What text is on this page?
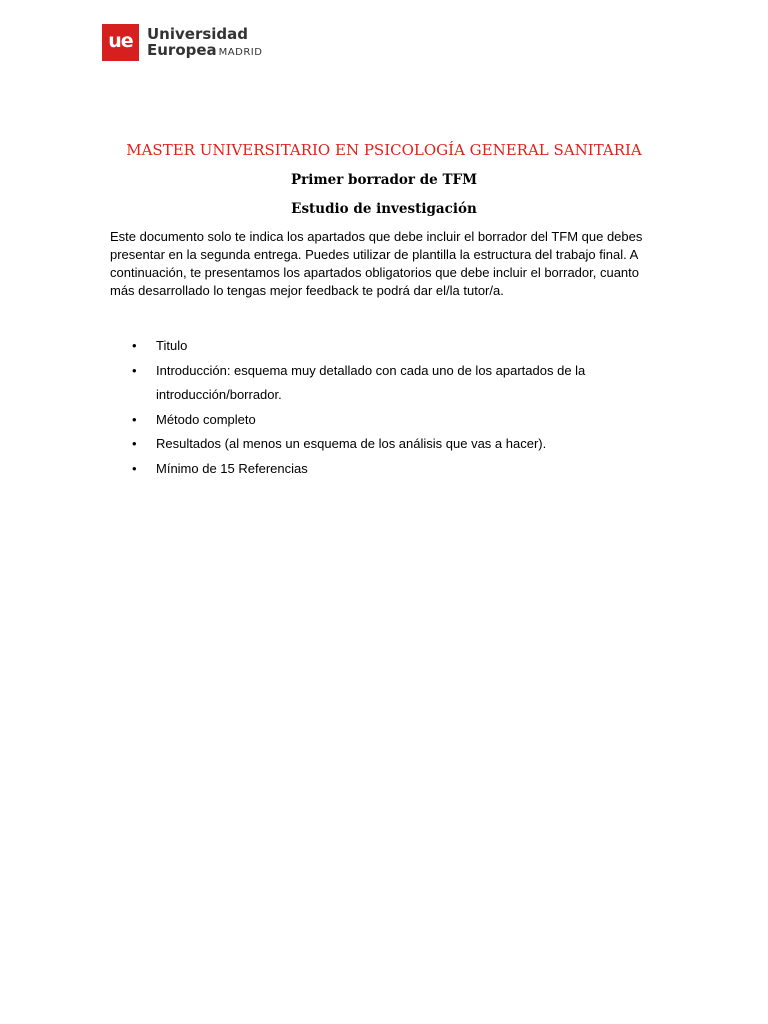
ue Universidad
Europea MADRID
MASTER UNIVERSITARIO EN PSICOLOGÍA GENERAL SANITARIA
Primer borrador de TFM
Estudio de investigación

Este documento solo te indica los apartados que debe incluir el borrador del TFM que debes presentar en la segunda entrega. Puedes utilizar de plantilla la estructura del trabajo final. A continuación, te presentamos los apartados obligatorios que debe incluir el borrador, cuanto más desarrollado lo tengas mejor feedback te podrá dar el/la tutor/a.

• Titulo
• Introducción: esquema muy detallado con cada uno de los apartados de la introducción/borrador.
• Método completo
• Resultados (al menos un esquema de los análisis que vas a hacer).
• Mínimo de 15 Referencias
